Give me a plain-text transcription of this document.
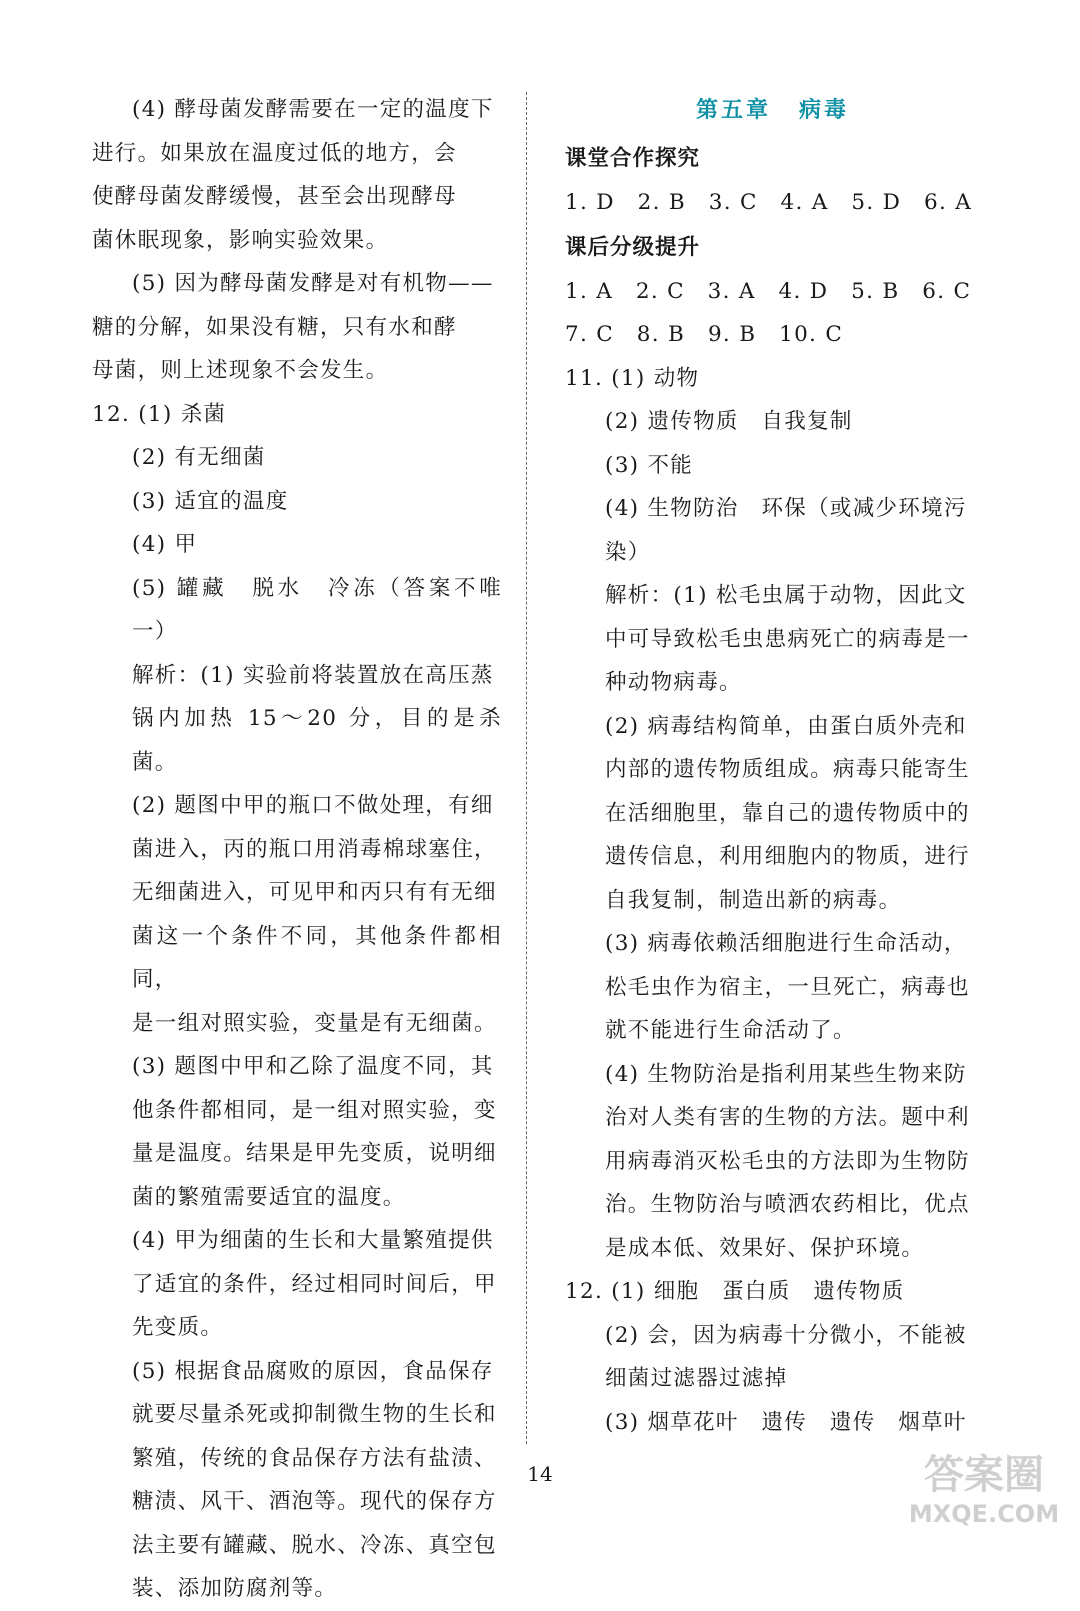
(4) 酵母菌发酵需要在一定的温度下

进行。如果放在温度过低的地方，会

使酵母菌发酵缓慢，甚至会出现酵母

菌休眠现象，影响实验效果。

(5) 因为酵母菌发酵是对有机物——

糖的分解，如果没有糖，只有水和酵

母菌，则上述现象不会发生。

12. (1) 杀菌

(2) 有无细菌

(3) 适宜的温度

(4) 甲

(5) 罐藏　脱水　冷冻（答案不唯一）

解析：(1) 实验前将装置放在高压蒸

锅内加热 15～20 分，目的是杀菌。

(2) 题图中甲的瓶口不做处理，有细

菌进入，丙的瓶口用消毒棉球塞住，

无细菌进入，可见甲和丙只有有无细

菌这一个条件不同，其他条件都相同，

是一组对照实验，变量是有无细菌。

(3) 题图中甲和乙除了温度不同，其

他条件都相同，是一组对照实验，变

量是温度。结果是甲先变质，说明细

菌的繁殖需要适宜的温度。

(4) 甲为细菌的生长和大量繁殖提供

了适宜的条件，经过相同时间后，甲

先变质。

(5) 根据食品腐败的原因，食品保存

就要尽量杀死或抑制微生物的生长和

繁殖，传统的食品保存方法有盐渍、

糖渍、风干、酒泡等。现代的保存方

法主要有罐藏、脱水、冷冻、真空包

装、添加防腐剂等。

第五章 病毒

课堂合作探究

1. D　2. B　3. C　4. A　5. D　6. A

课后分级提升

1. A　2. C　3. A　4. D　5. B　6. C

7. C　8. B　9. B　10. C

11. (1) 动物

(2) 遗传物质　自我复制

(3) 不能

(4) 生物防治　环保（或减少环境污

染）

解析：(1) 松毛虫属于动物，因此文

中可导致松毛虫患病死亡的病毒是一

种动物病毒。

(2) 病毒结构简单，由蛋白质外壳和

内部的遗传物质组成。病毒只能寄生

在活细胞里，靠自己的遗传物质中的

遗传信息，利用细胞内的物质，进行

自我复制，制造出新的病毒。

(3) 病毒依赖活细胞进行生命活动，

松毛虫作为宿主，一旦死亡，病毒也

就不能进行生命活动了。

(4) 生物防治是指利用某些生物来防

治对人类有害的生物的方法。题中利

用病毒消灭松毛虫的方法即为生物防

治。生物防治与喷洒农药相比，优点

是成本低、效果好、保护环境。

12. (1) 细胞　蛋白质　遗传物质

(2) 会，因为病毒十分微小，不能被

细菌过滤器过滤掉

(3) 烟草花叶　遗传　遗传　烟草叶

14	答案圈
MXQE.COM
